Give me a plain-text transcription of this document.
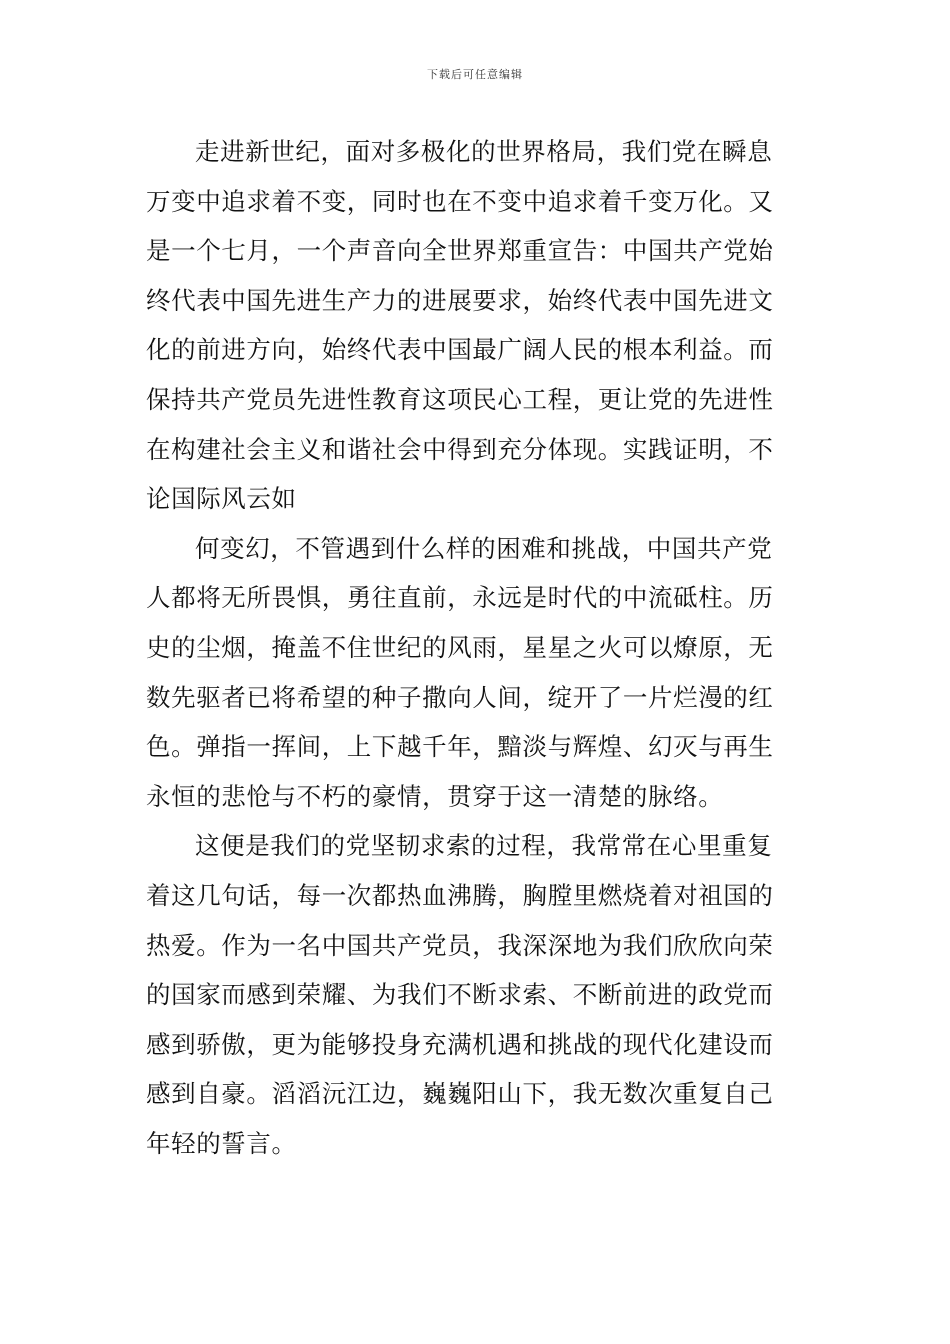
下载后可任意编辑

走进新世纪，面对多极化的世界格局，我们党在瞬息
万变中追求着不变，同时也在不变中追求着千变万化。又
是一个七月，一个声音向全世界郑重宣告：中国共产党始
终代表中国先进生产力的进展要求，始终代表中国先进文
化的前进方向，始终代表中国最广阔人民的根本利益。而
保持共产党员先进性教育这项民心工程，更让党的先进性
在构建社会主义和谐社会中得到充分体现。实践证明，不
论国际风云如

何变幻，不管遇到什么样的困难和挑战，中国共产党
人都将无所畏惧，勇往直前，永远是时代的中流砥柱。历
史的尘烟，掩盖不住世纪的风雨，星星之火可以燎原，无
数先驱者已将希望的种子撒向人间，绽开了一片烂漫的红
色。弹指一挥间，上下越千年，黯淡与辉煌、幻灭与再生
永恒的悲怆与不朽的豪情，贯穿于这一清楚的脉络。

这便是我们的党坚韧求索的过程，我常常在心里重复
着这几句话，每一次都热血沸腾，胸膛里燃烧着对祖国的
热爱。作为一名中国共产党员，我深深地为我们欣欣向荣
的国家而感到荣耀、为我们不断求索、不断前进的政党而
感到骄傲，更为能够投身充满机遇和挑战的现代化建设而
感到自豪。滔滔沅江边，巍巍阳山下，我无数次重复自己
年轻的誓言。
